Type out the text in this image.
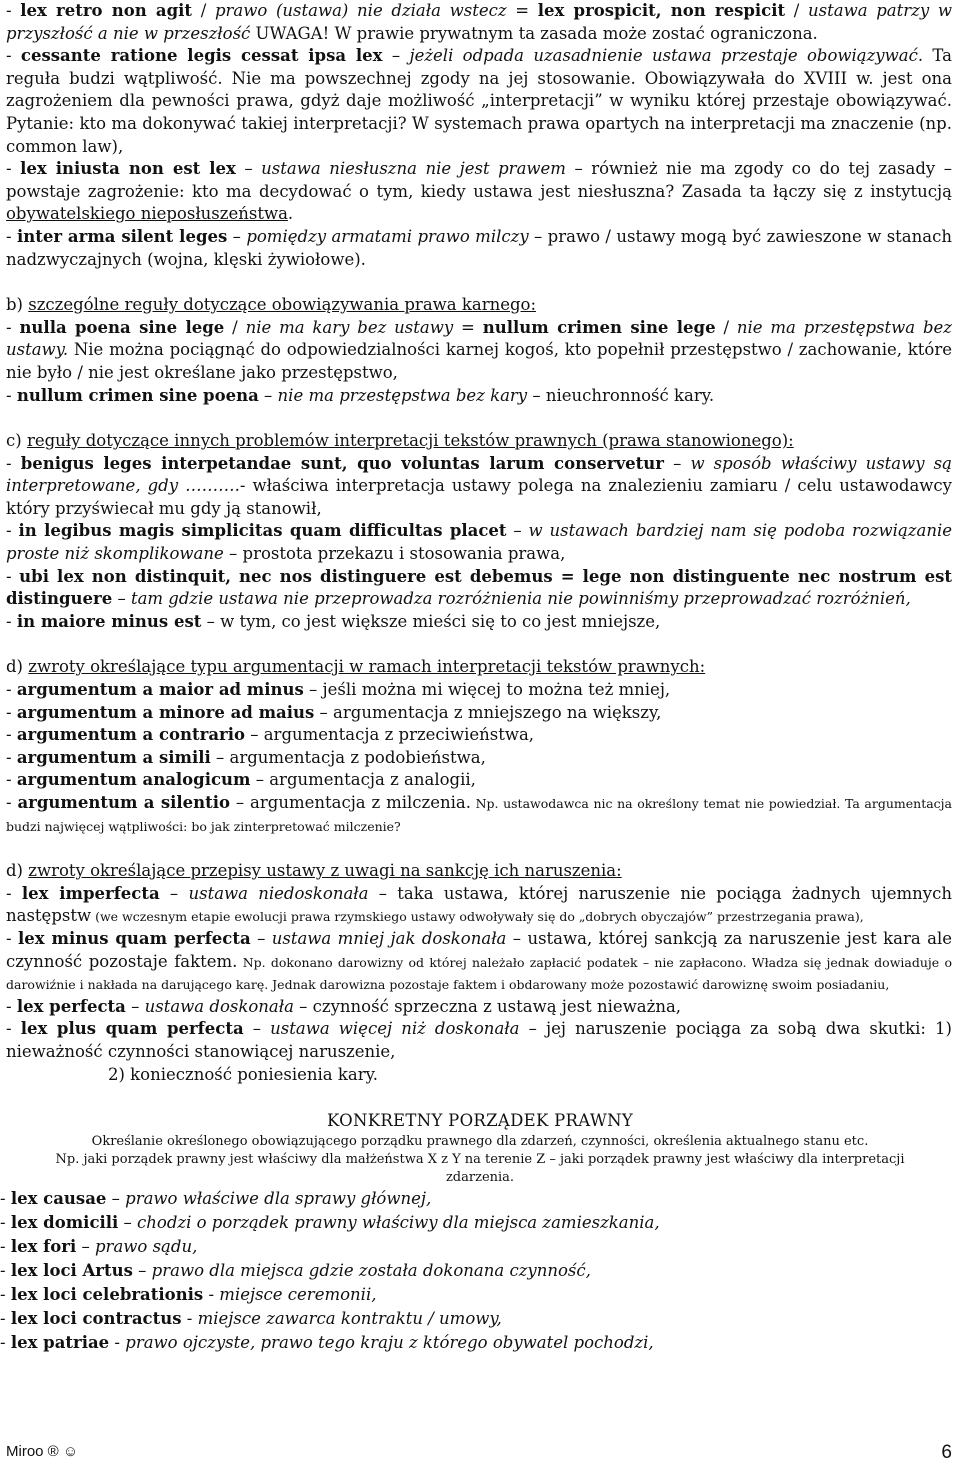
- lex retro non agit / prawo (ustawa) nie działa wstecz = lex prospicit, non respicit / ustawa patrzy w przyszłość a nie w przeszłość UWAGA! W prawie prywatnym ta zasada może zostać ograniczona.

- cessante ratione legis cessat ipsa lex – jeżeli odpada uzasadnienie ustawa przestaje obowiązywać. Ta reguła budzi wątpliwość. Nie ma powszechnej zgody na jej stosowanie. Obowiązywała do XVIII w. jest ona zagrożeniem dla pewności prawa, gdyż daje możliwość „interpretacji” w wyniku której przestaje obowiązywać. Pytanie: kto ma dokonywać takiej interpretacji? W systemach prawa opartych na interpretacji ma znaczenie (np. common law),

- lex iniusta non est lex – ustawa niesłuszna nie jest prawem – również nie ma zgody co do tej zasady – powstaje zagrożenie: kto ma decydować o tym, kiedy ustawa jest niesłuszna? Zasada ta łączy się z instytucją obywatelskiego nieposłuszeństwa.

- inter arma silent leges – pomiędzy armatami prawo milczy – prawo / ustawy mogą być zawieszone w stanach nadzwyczajnych (wojna, klęski żywiołowe).

b) szczególne reguły dotyczące obowiązywania prawa karnego:

- nulla poena sine lege / nie ma kary bez ustawy = nullum crimen sine lege / nie ma przestępstwa bez ustawy. Nie można pociągnąć do odpowiedzialności karnej kogoś, kto popełnił przestępstwo / zachowanie, które nie było / nie jest określane jako przestępstwo,

- nullum crimen sine poena – nie ma przestępstwa bez kary – nieuchronność kary.

c) reguły dotyczące innych problemów interpretacji tekstów prawnych (prawa stanowionego):

- benigus leges interpetandae sunt, quo voluntas larum conservetur – w sposób właściwy ustawy są interpretowane, gdy ……….- właściwa interpretacja ustawy polega na znalezieniu zamiaru / celu ustawodawcy który przyświecał mu gdy ją stanowił,

- in legibus magis simplicitas quam difficultas placet – w ustawach bardziej nam się podoba rozwiązanie proste niż skomplikowane – prostota przekazu i stosowania prawa,

- ubi lex non distinquit, nec nos distinguere est debemus = lege non distinguente nec nostrum est distinguere – tam gdzie ustawa nie przeprowadza rozróżnienia nie powinniśmy przeprowadzać rozróżnień,

- in maiore minus est – w tym, co jest większe mieści się to co jest mniejsze,

d) zwroty określające typu argumentacji w ramach interpretacji tekstów prawnych:

- argumentum a maior ad minus – jeśli można mi więcej to można też mniej,

- argumentum a minore ad maius – argumentacja z mniejszego na większy,

- argumentum a contrario – argumentacja z przeciwieństwa,

- argumentum a simili – argumentacja z podobieństwa,

- argumentum analogicum – argumentacja z analogii,

- argumentum a silentio – argumentacja z milczenia. Np. ustawodawca nic na określony temat nie powiedział. Ta argumentacja budzi najwięcej wątpliwości: bo jak zinterpretować milczenie?

d) zwroty określające przepisy ustawy z uwagi na sankcję ich naruszenia:

- lex imperfecta – ustawa niedoskonała – taka ustawa, której naruszenie nie pociąga żadnych ujemnych następstw (we wczesnym etapie ewolucji prawa rzymskiego ustawy odwoływały się do „dobrych obyczajów” przestrzegania prawa),

- lex minus quam perfecta – ustawa mniej jak doskonała – ustawa, której sankcją za naruszenie jest kara ale czynność pozostaje faktem. Np. dokonano darowizny od której należało zapłacić podatek – nie zapłacono. Władza się jednak dowiaduje o darowiźnie i nakłada na darującego karę. Jednak darowizna pozostaje faktem i obdarowany może pozostawić darowiznę swoim posiadaniu,

- lex perfecta – ustawa doskonała – czynność sprzeczna z ustawą jest nieważna,

- lex plus quam perfecta – ustawa więcej niż doskonała – jej naruszenie pociąga za sobą dwa skutki: 1) nieważność czynności stanowiącej naruszenie,

2) konieczność poniesienia kary.

KONKRETNY PORZĄDEK PRAWNY
Określanie określonego obowiązującego porządku prawnego dla zdarzeń, czynności, określenia aktualnego stanu etc.
Np. jaki porządek prawny jest właściwy dla małżeństwa X z Y na terenie Z – jaki porządek prawny jest właściwy dla interpretacji zdarzenia.

- lex causae – prawo właściwe dla sprawy głównej,

- lex domicili – chodzi o porządek prawny właściwy dla miejsca zamieszkania,

- lex fori – prawo sądu,

- lex loci Artus – prawo dla miejsca gdzie została dokonana czynność,

- lex loci celebrationis - miejsce ceremonii,

- lex loci contractus - miejsce zawarca kontraktu / umowy,

- lex patriae - prawo ojczyste, prawo tego kraju z którego obywatel pochodzi,

Miroo ® ☺	6
